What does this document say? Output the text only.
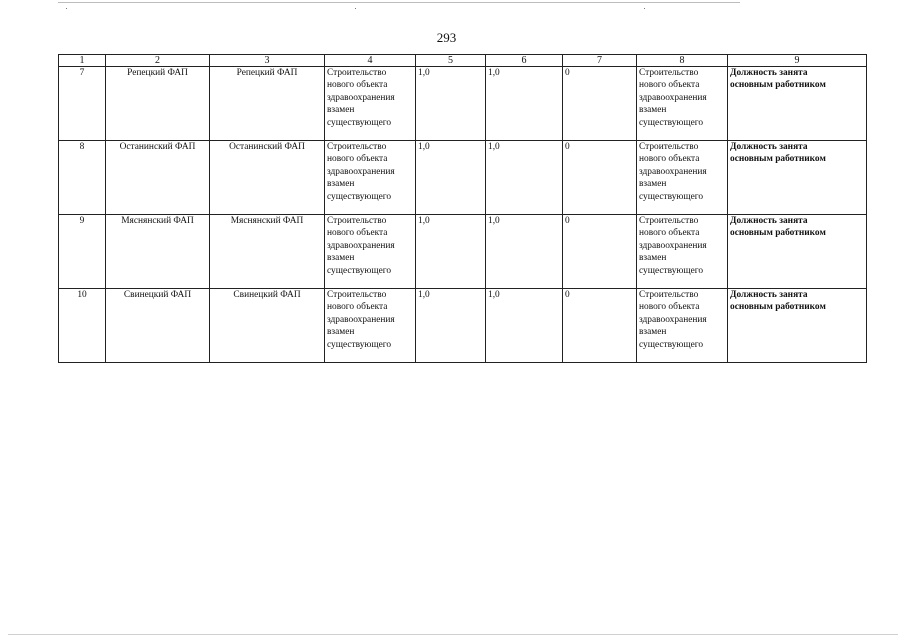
293
1	2	3	4	5	6	7	8	9
7	Репецкий ФАП	Репецкий ФАП	Строительство
нового объекта
здравоохранения
взамен
существующего	1,0	1,0	0	Строительство
нового объекта
здравоохранения
взамен
существующего	Должность занята
основным работником

8	Останинский ФАП	Останинский ФАП	Строительство
нового объекта
здравоохранения
взамен
существующего	1,0	1,0	0	Строительство
нового объекта
здравоохранения
взамен
существующего	Должность занята
основным работником

9	Мяснянский ФАП	Мяснянский ФАП	Строительство
нового объекта
здравоохранения
взамен
существующего	1,0	1,0	0	Строительство
нового объекта
здравоохранения
взамен
существующего	Должность занята
основным работником

10	Свинецкий ФАП	Свинецкий ФАП	Строительство
нового объекта
здравоохранения
взамен
существующего	1,0	1,0	0	Строительство
нового объекта
здравоохранения
взамен
существующего	Должность занята
основным работником
